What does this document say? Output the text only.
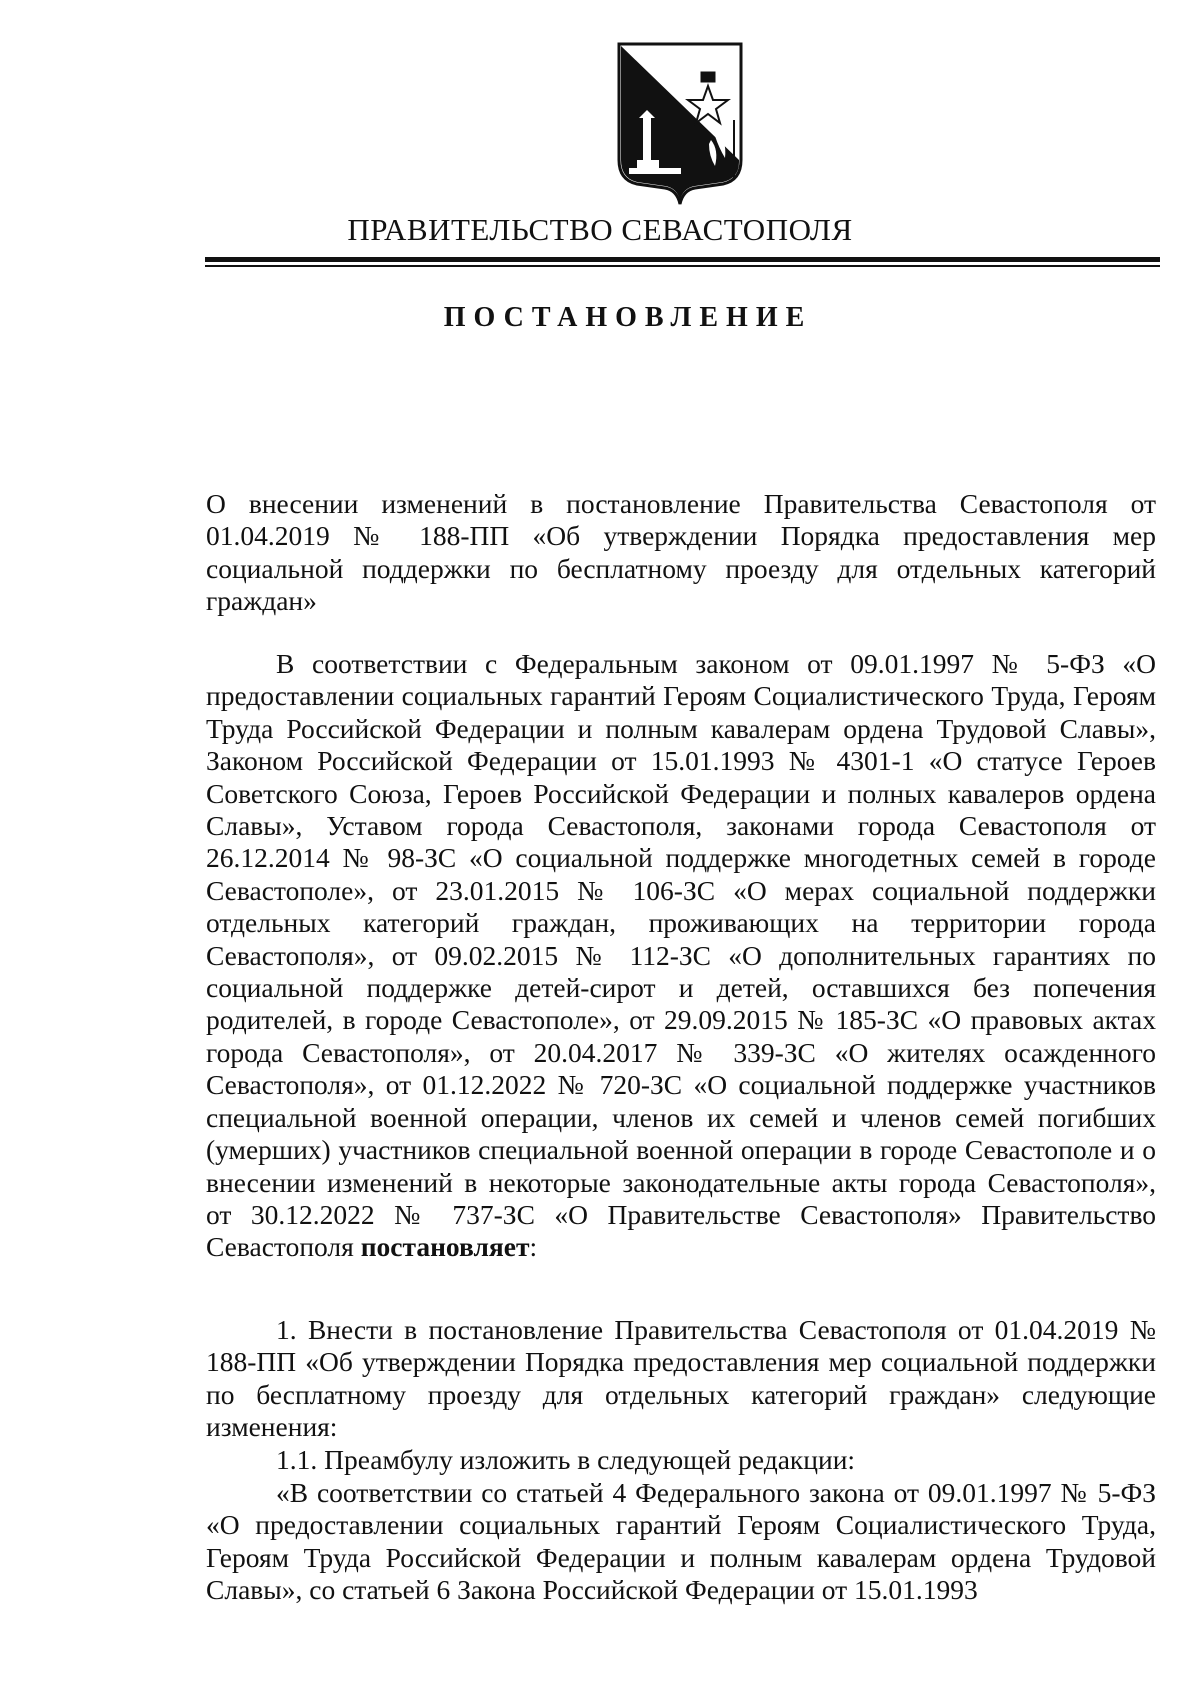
ПРАВИТЕЛЬСТВО СЕВАСТОПОЛЯ
ПОСТАНОВЛЕНИЕ
О внесении изменений в постановление Правительства Севастополя от 01.04.2019 № 188-ПП «Об утверждении Порядка предоставления мер социальной поддержки по бесплатному проезду для отдельных категорий граждан»
В соответствии с Федеральным законом от 09.01.1997 № 5-ФЗ «О предоставлении социальных гарантий Героям Социалистического Труда, Героям Труда Российской Федерации и полным кавалерам ордена Трудовой Славы», Законом Российской Федерации от 15.01.1993 № 4301-1 «О статусе Героев Советского Союза, Героев Российской Федерации и полных кавалеров ордена Славы», Уставом города Севастополя, законами города Севастополя от 26.12.2014 № 98-ЗС «О социальной поддержке многодетных семей в городе Севастополе», от 23.01.2015 № 106-ЗС «О мерах социальной поддержки отдельных категорий граждан, проживающих на территории города Севастополя», от 09.02.2015 № 112-ЗС «О дополнительных гарантиях по социальной поддержке детей-сирот и детей, оставшихся без попечения родителей, в городе Севастополе», от 29.09.2015 № 185-ЗС «О правовых актах города Севастополя», от 20.04.2017 № 339-ЗС «О жителях осажденного Севастополя», от 01.12.2022 № 720-ЗС «О социальной поддержке участников специальной военной операции, членов их семей и членов семей погибших (умерших) участников специальной военной операции в городе Севастополе и о внесении изменений в некоторые законодательные акты города Севастополя», от 30.12.2022 № 737-ЗС «О Правительстве Севастополя» Правительство Севастополя постановляет:
1. Внести в постановление Правительства Севастополя от 01.04.2019 № 188-ПП «Об утверждении Порядка предоставления мер социальной поддержки по бесплатному проезду для отдельных категорий граждан» следующие изменения:
1.1. Преамбулу изложить в следующей редакции:
«В соответствии со статьей 4 Федерального закона от 09.01.1997 № 5-ФЗ «О предоставлении социальных гарантий Героям Социалистического Труда, Героям Труда Российской Федерации и полным кавалерам ордена Трудовой Славы», со статьей 6 Закона Российской Федерации от 15.01.1993
